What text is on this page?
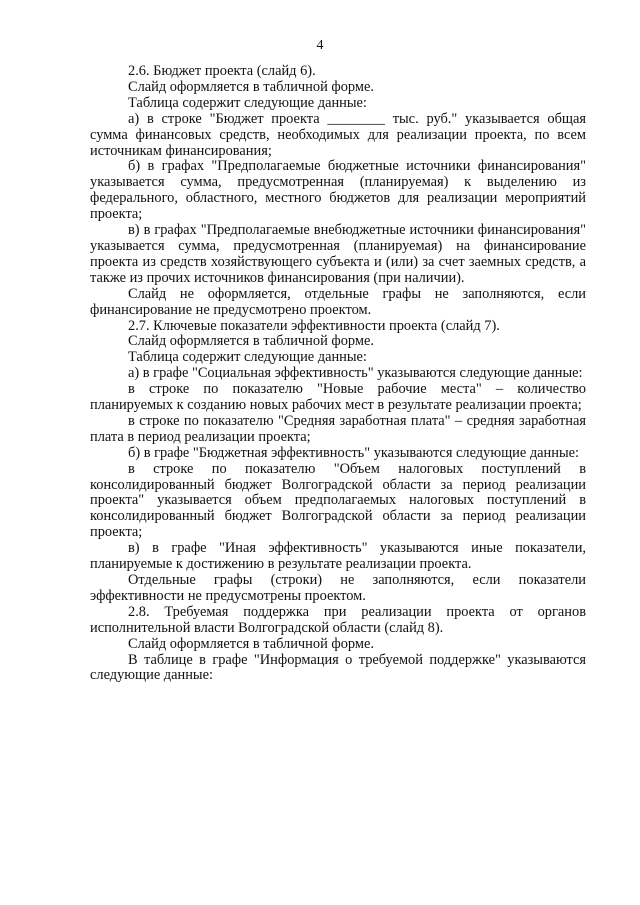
4

2.6. Бюджет проекта (слайд 6).

Слайд оформляется в табличной форме.

Таблица содержит следующие данные:

а) в строке "Бюджет проекта ________ тыс. руб." указывается общая сумма финансовых средств, необходимых для реализации проекта, по всем источникам финансирования;

б) в графах "Предполагаемые бюджетные источники финансирования" указывается сумма, предусмотренная (планируемая) к выделению из федерального, областного, местного бюджетов для реализации мероприятий проекта;

в) в графах "Предполагаемые внебюджетные источники финансирования" указывается сумма, предусмотренная (планируемая) на финансирование проекта из средств хозяйствующего субъекта и (или) за счет заемных средств, а также из прочих источников финансирования (при наличии).

Слайд не оформляется, отдельные графы не заполняются, если финансирование не предусмотрено проектом.

2.7. Ключевые показатели эффективности проекта (слайд 7).

Слайд оформляется в табличной форме.

Таблица содержит следующие данные:

а) в графе "Социальная эффективность" указываются следующие данные:

в строке по показателю "Новые рабочие места" – количество планируемых к созданию новых рабочих мест в результате реализации проекта;

в строке по показателю "Средняя заработная плата" – средняя заработная плата в период реализации проекта;

б) в графе "Бюджетная эффективность" указываются следующие данные:

в строке по показателю "Объем налоговых поступлений в консолидированный бюджет Волгоградской области за период реализации проекта" указывается объем предполагаемых налоговых поступлений в консолидированный бюджет Волгоградской области за период реализации проекта;

в) в графе "Иная эффективность" указываются иные показатели, планируемые к достижению в результате реализации проекта.

Отдельные графы (строки) не заполняются, если показатели эффективности не предусмотрены проектом.

2.8. Требуемая поддержка при реализации проекта от органов исполнительной власти Волгоградской области (слайд 8).

Слайд оформляется в табличной форме.

В таблице в графе "Информация о требуемой поддержке" указываются следующие данные:
